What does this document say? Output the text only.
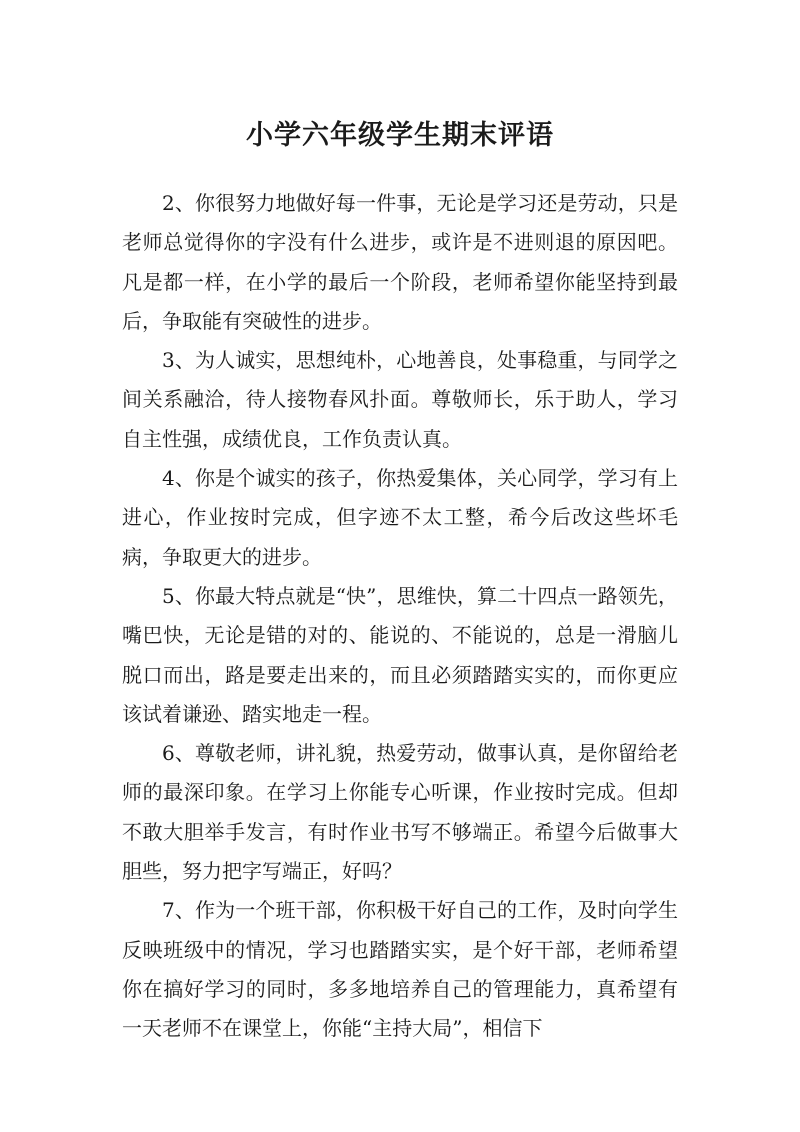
小学六年级学生期末评语

2、你很努力地做好每一件事，无论是学习还是劳动，只是老师总觉得你的字没有什么进步，或许是不进则退的原因吧。凡是都一样，在小学的最后一个阶段，老师希望你能坚持到最后，争取能有突破性的进步。

3、为人诚实，思想纯朴，心地善良，处事稳重，与同学之间关系融洽，待人接物春风扑面。尊敬师长，乐于助人，学习自主性强，成绩优良，工作负责认真。

4、你是个诚实的孩子，你热爱集体，关心同学，学习有上进心，作业按时完成，但字迹不太工整，希今后改这些坏毛病，争取更大的进步。

5、你最大特点就是“快”，思维快，算二十四点一路领先，嘴巴快，无论是错的对的、能说的、不能说的，总是一滑脑儿脱口而出，路是要走出来的，而且必须踏踏实实的，而你更应该试着谦逊、踏实地走一程。

6、尊敬老师，讲礼貌，热爱劳动，做事认真，是你留给老师的最深印象。在学习上你能专心听课，作业按时完成。但却不敢大胆举手发言，有时作业书写不够端正。希望今后做事大胆些，努力把字写端正，好吗？

7、作为一个班干部，你积极干好自己的工作，及时向学生反映班级中的情况，学习也踏踏实实，是个好干部，老师希望你在搞好学习的同时，多多地培养自己的管理能力，真希望有一天老师不在课堂上，你能“主持大局”，相信下
